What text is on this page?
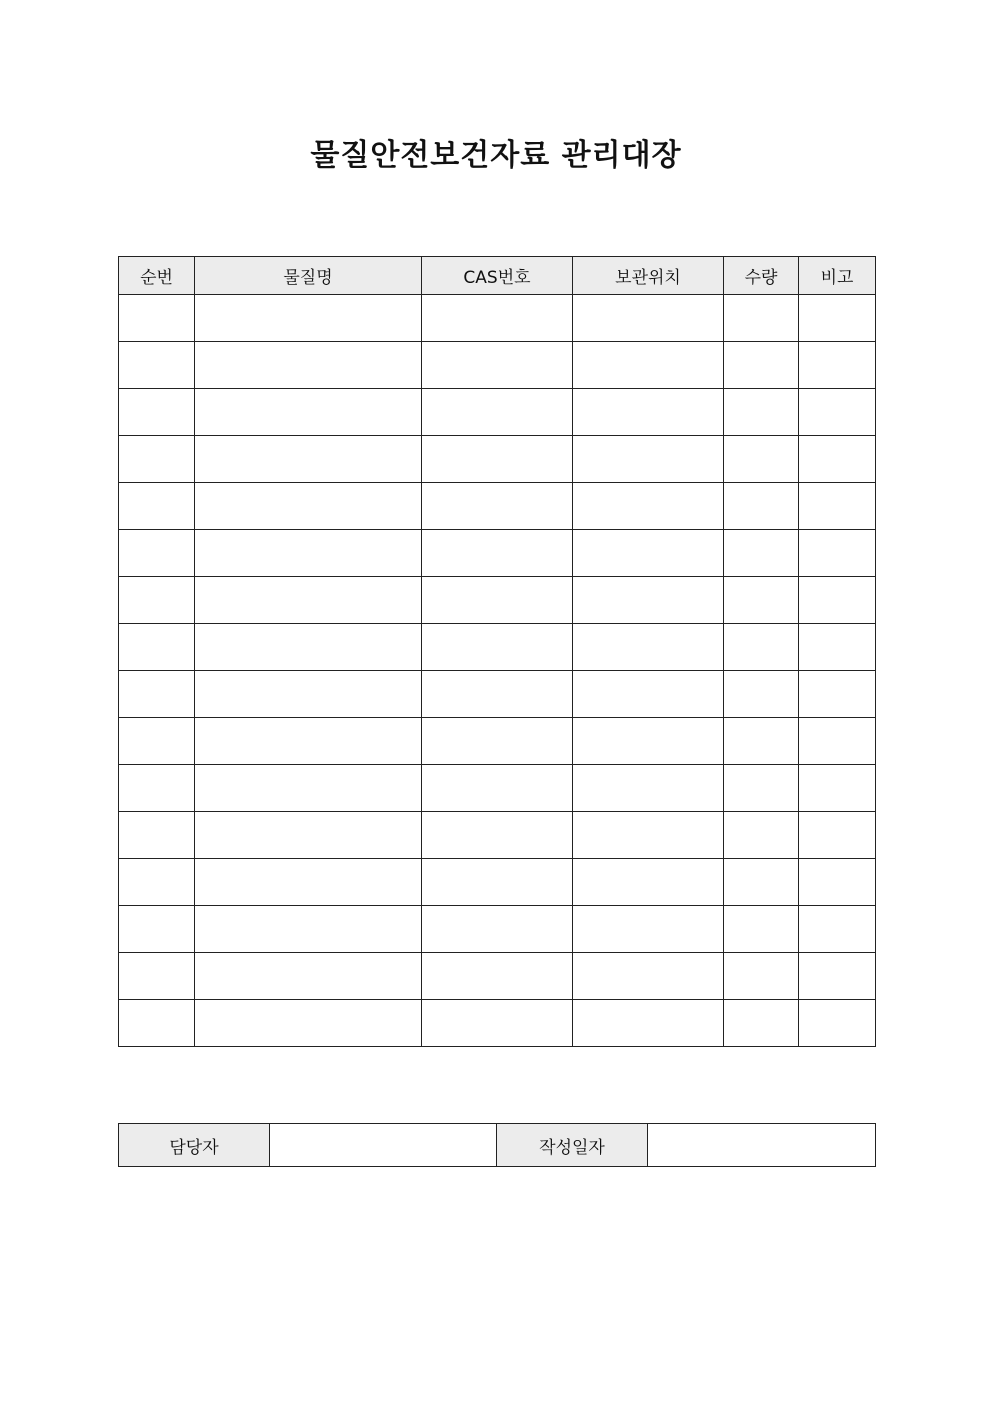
물질안전보건자료 관리대장
순번	물질명	CAS번호	보관위치	수량	비고

담당자		작성일자	
